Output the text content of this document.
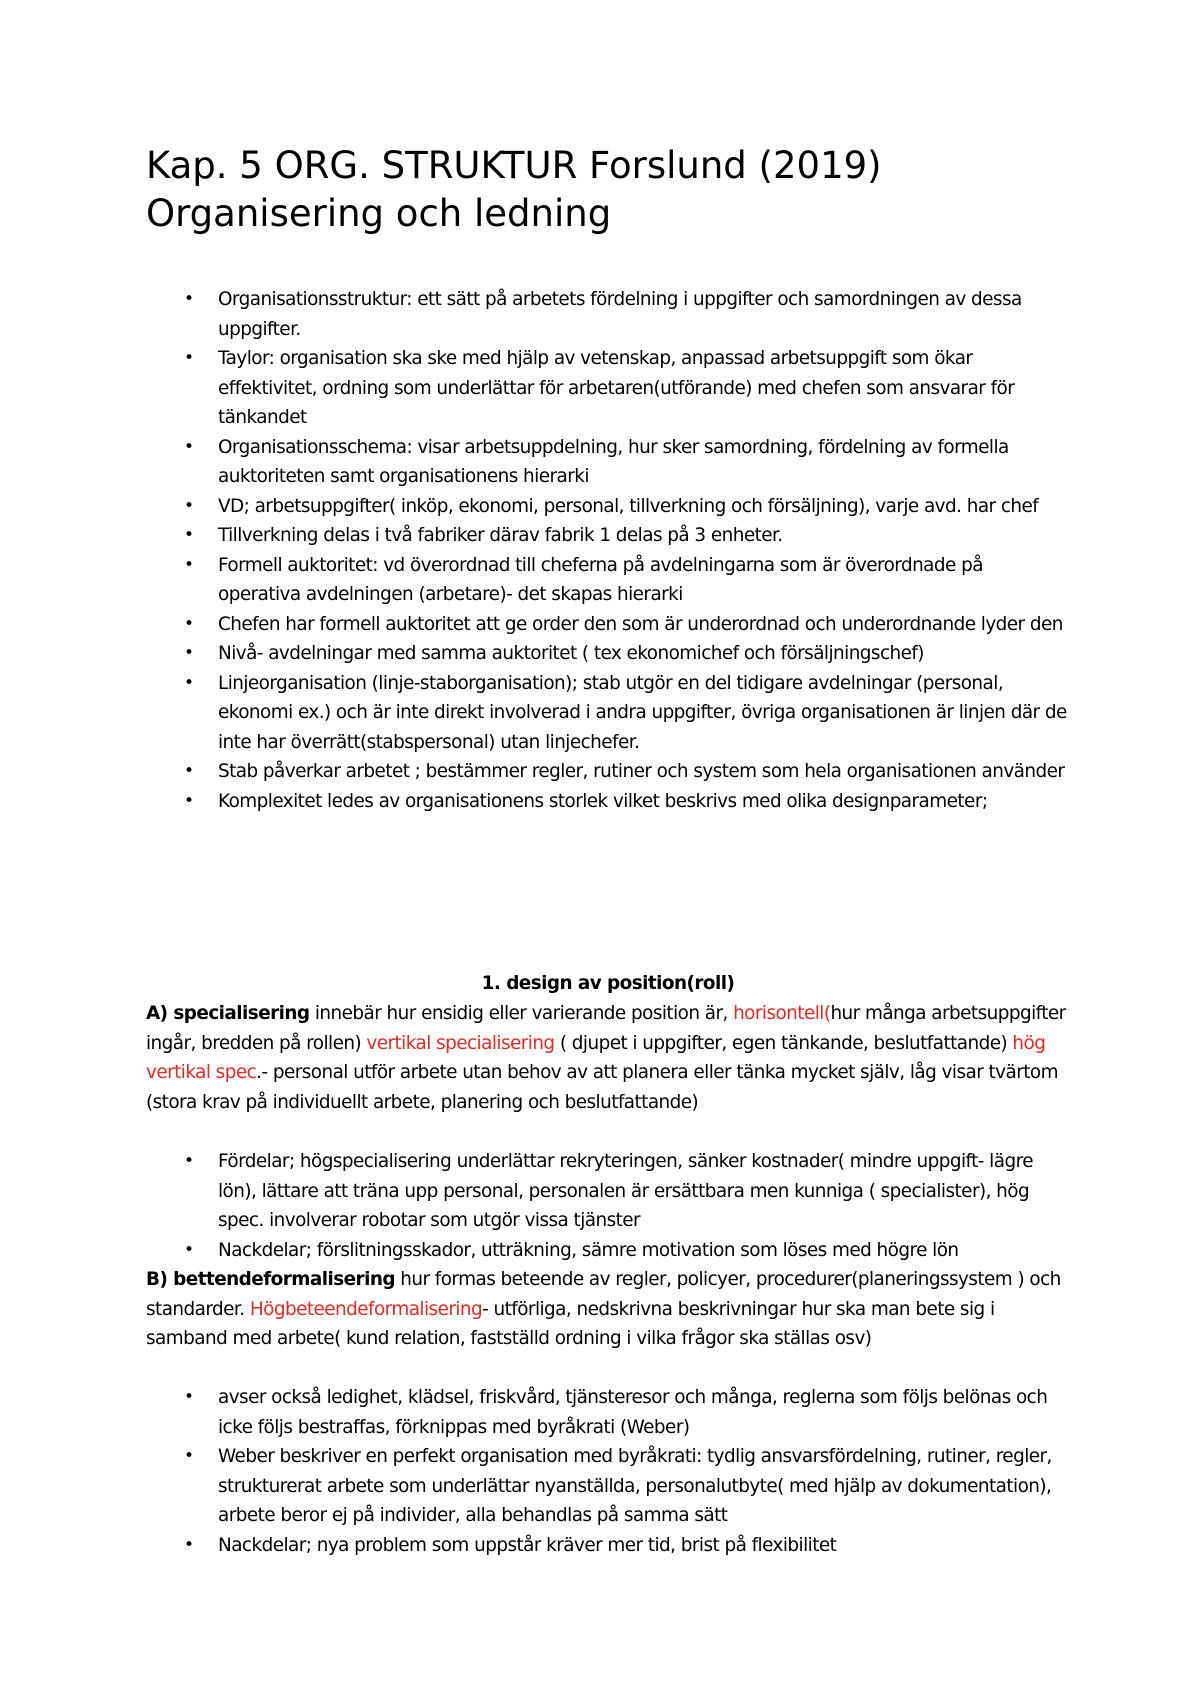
Kap. 5 ORG. STRUKTUR Forslund (2019)
Organisering och ledning
• Organisationsstruktur: ett sätt på arbetets fördelning i uppgifter och samordningen av dessa uppgifter.
• Taylor: organisation ska ske med hjälp av vetenskap, anpassad arbetsuppgift som ökar effektivitet, ordning som underlättar för arbetaren(utförande) med chefen som ansvarar för tänkandet
• Organisationsschema: visar arbetsuppdelning, hur sker samordning, fördelning av formella auktoriteten samt organisationens hierarki
• VD; arbetsuppgifter( inköp, ekonomi, personal, tillverkning och försäljning), varje avd. har chef
• Tillverkning delas i två fabriker därav fabrik 1 delas på 3 enheter.
• Formell auktoritet: vd överordnad till cheferna på avdelningarna som är överordnade på operativa avdelningen (arbetare)- det skapas hierarki
• Chefen har formell auktoritet att ge order den som är underordnad och underordnande lyder den
• Nivå- avdelningar med samma auktoritet ( tex ekonomichef och försäljningschef)
• Linjeorganisation (linje-staborganisation); stab utgör en del tidigare avdelningar (personal, ekonomi ex.) och är inte direkt involverad i andra uppgifter, övriga organisationen är linjen där de inte har överrätt(stabspersonal) utan linjechefer.
• Stab påverkar arbetet ; bestämmer regler, rutiner och system som hela organisationen använder
• Komplexitet ledes av organisationens storlek vilket beskrivs med olika designparameter;
1. design av position(roll)

A) specialisering innebär hur ensidig eller varierande position är, horisontell(hur många arbetsuppgifter ingår, bredden på rollen) vertikal specialisering ( djupet i uppgifter, egen tänkande, beslutfattande) hög vertikal spec.- personal utför arbete utan behov av att planera eller tänka mycket själv, låg visar tvärtom (stora krav på individuellt arbete, planering och beslutfattande)

• Fördelar; högspecialisering underlättar rekryteringen, sänker kostnader( mindre uppgift- lägre lön), lättare att träna upp personal, personalen är ersättbara men kunniga ( specialister), hög spec. involverar robotar som utgör vissa tjänster
• Nackdelar; förslitningsskador, utträkning, sämre motivation som löses med högre lön

B) bettendeformalisering hur formas beteende av regler, policyer, procedurer(planeringssystem ) och standarder. Högbeteendeformalisering- utförliga, nedskrivna beskrivningar hur ska man bete sig i samband med arbete( kund relation, fastställd ordning i vilka frågor ska ställas osv)

• avser också ledighet, klädsel, friskvård, tjänsteresor och många, reglerna som följs belönas och icke följs bestraffas, förknippas med byråkrati (Weber)
• Weber beskriver en perfekt organisation med byråkrati: tydlig ansvarsfördelning, rutiner, regler, strukturerat arbete som underlättar nyanställda, personalutbyte( med hjälp av dokumentation), arbete beror ej på individer, alla behandlas på samma sätt
• Nackdelar; nya problem som uppstår kräver mer tid, brist på flexibilitet
